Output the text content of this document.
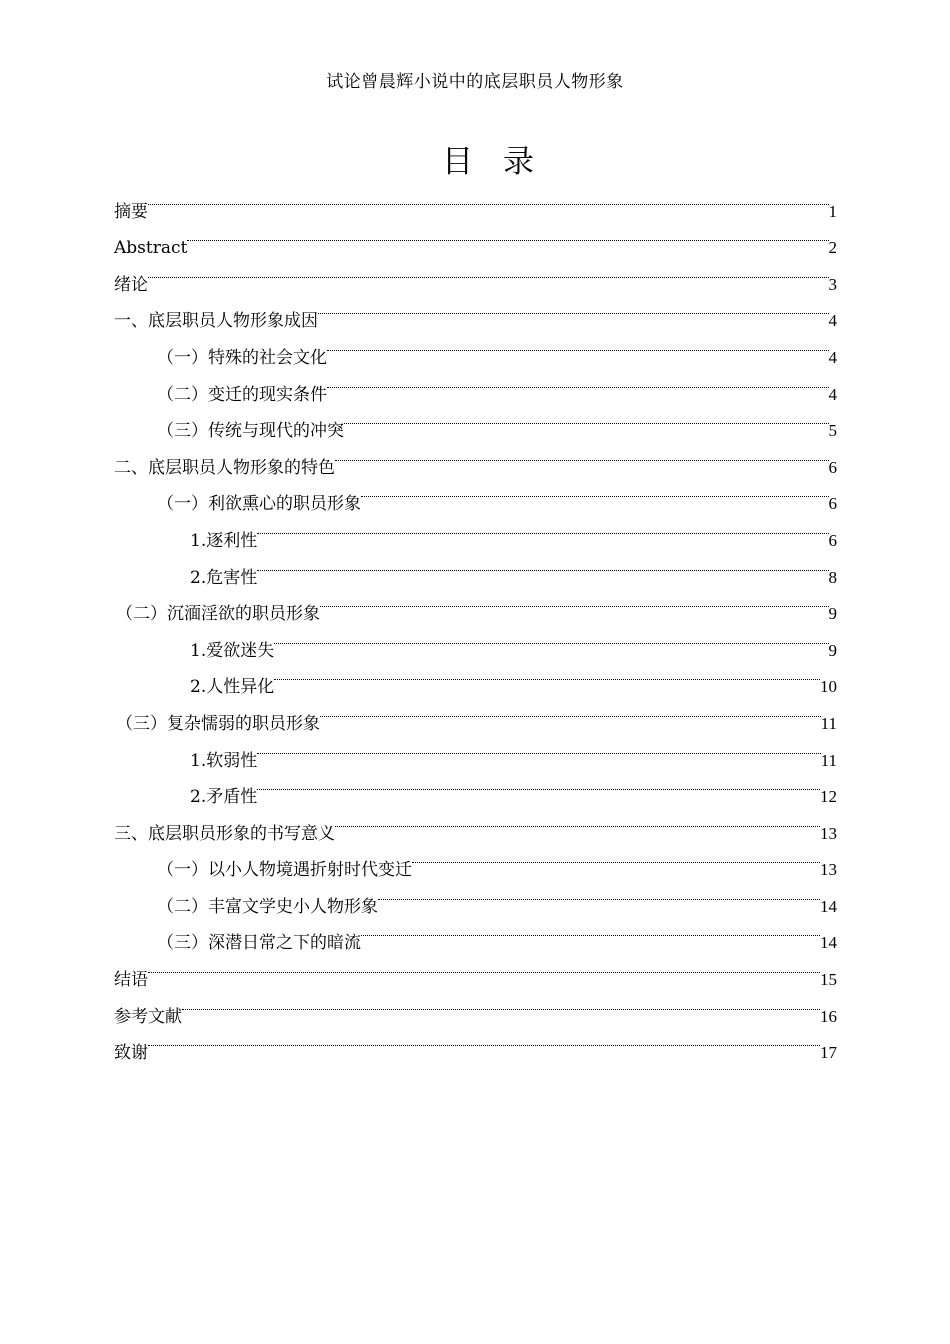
试论曾晨辉小说中的底层职员人物形象
目 录
摘要	1
Abstract	2
绪论	3
一、底层职员人物形象成因	4
（一）特殊的社会文化	4
（二）变迁的现实条件	4
（三）传统与现代的冲突	5
二、底层职员人物形象的特色	6
（一）利欲熏心的职员形象	6
1.逐利性	6
2.危害性	8
（二）沉湎淫欲的职员形象	9
1.爱欲迷失	9
2.人性异化	10
（三）复杂懦弱的职员形象	11
1.软弱性	11
2.矛盾性	12
三、底层职员形象的书写意义	13
（一）以小人物境遇折射时代变迁	13
（二）丰富文学史小人物形象	14
（三）深潜日常之下的暗流	14
结语	15
参考文献	16
致谢	17
